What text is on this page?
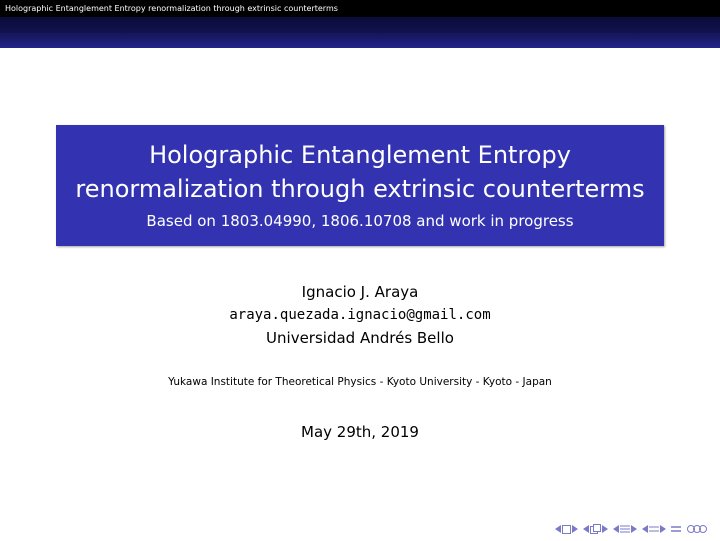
Holographic Entanglement Entropy renormalization through extrinsic counterterms
Holographic Entanglement Entropy
renormalization through extrinsic counterterms
Based on 1803.04990, 1806.10708 and work in progress
Ignacio J. Araya
araya.quezada.ignacio@gmail.com
Universidad Andrés Bello
Yukawa Institute for Theoretical Physics - Kyoto University - Kyoto - Japan
May 29th, 2019
